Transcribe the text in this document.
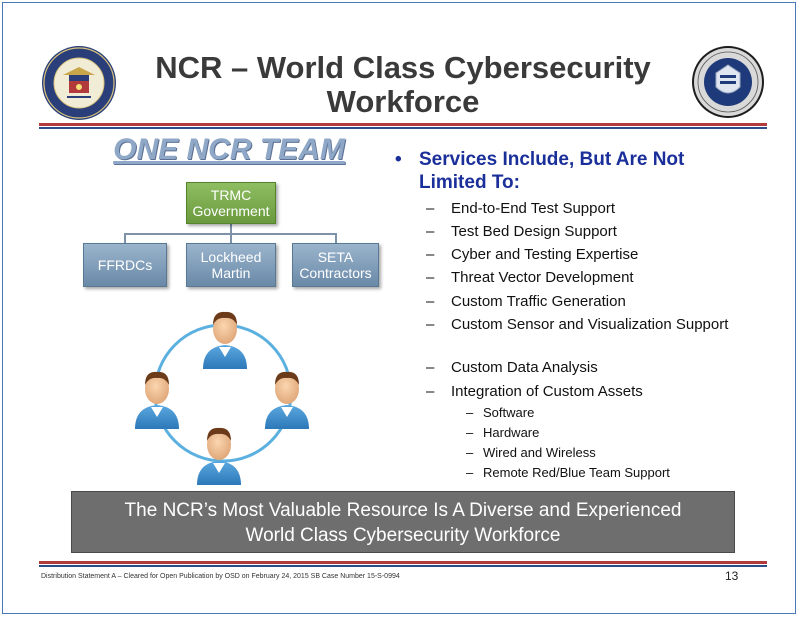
NCR – World Class Cybersecurity
Workforce
ONE NCR TEAM
TRMC
Government
FFRDCs	Lockheed
Martin
SETA
Contractors
• Services Include, But Are Not Limited To:
– End-to-End Test Support
– Test Bed Design Support
– Cyber and Testing Expertise
– Threat Vector Development
– Custom Traffic Generation
– Custom Sensor and Visualization Support
– Custom Data Analysis
– Integration of Custom Assets
– Software
– Hardware
– Wired and Wireless
– Remote Red/Blue Team Support
The NCR’s Most Valuable Resource Is A Diverse and Experienced
World Class Cybersecurity Workforce
Distribution Statement A – Cleared for Open Publication by OSD on February 24, 2015 SB Case Number 15-S-0994	13
